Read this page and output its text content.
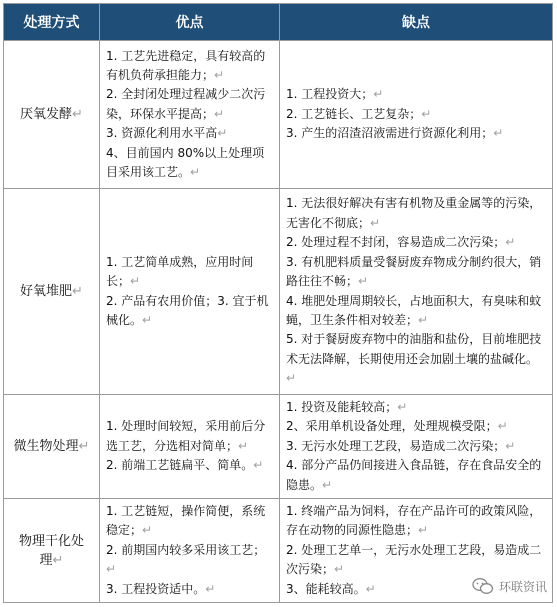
处理方式	优点	缺点

厌氧发酵↵	1. 工艺先进稳定，具有较高的有机负荷承担能力；↵
2. 全封闭处理过程减少二次污染，环保水平提高；↵
3. 资源化利用水平高↵
4、目前国内 80%以上处理项目采用该工艺。↵	1. 工程投资大；↵
2. 工艺链长、工艺复杂；↵
3. 产生的沼渣沼液需进行资源化利用；↵

好氧堆肥↵	1. 工艺简单成熟，应用时间长；↵
2. 产品有农用价值；3. 宜于机械化。↵	1. 无法很好解决有害有机物及重金属等的污染，无害化不彻底；↵
2. 处理过程不封闭，容易造成二次污染；↵
3. 有机肥料质量受餐厨废弃物成分制约很大，销路往往不畅；↵
4. 堆肥处理周期较长，占地面积大，有臭味和蚊蝇，卫生条件相对较差；↵
5. 对于餐厨废弃物中的油脂和盐份，目前堆肥技术无法降解，长期使用还会加剧土壤的盐碱化。↵

微生物处理↵	1. 处理时间较短，采用前后分选工艺，分选相对简单；↵
2. 前端工艺链扁平、简单。↵	1. 投资及能耗较高；↵
2、采用单机设备处理，处理规模受限；↵
3. 无污水处理工艺段，易造成二次污染；↵
4. 部分产品仍间接进入食品链，存在食品安全的隐患。↵

物理干化处
理↵	1. 工艺链短，操作简便，系统稳定；↵
2. 前期国内较多采用该工艺；↵
3. 工程投资适中。↵	1. 终端产品为饲料，存在产品许可的政策风险，存在动物的同源性隐患；↵
2. 处理工艺单一，无污水处理工艺段，易造成二次污染；↵
3、能耗较高。↵	环联资讯
